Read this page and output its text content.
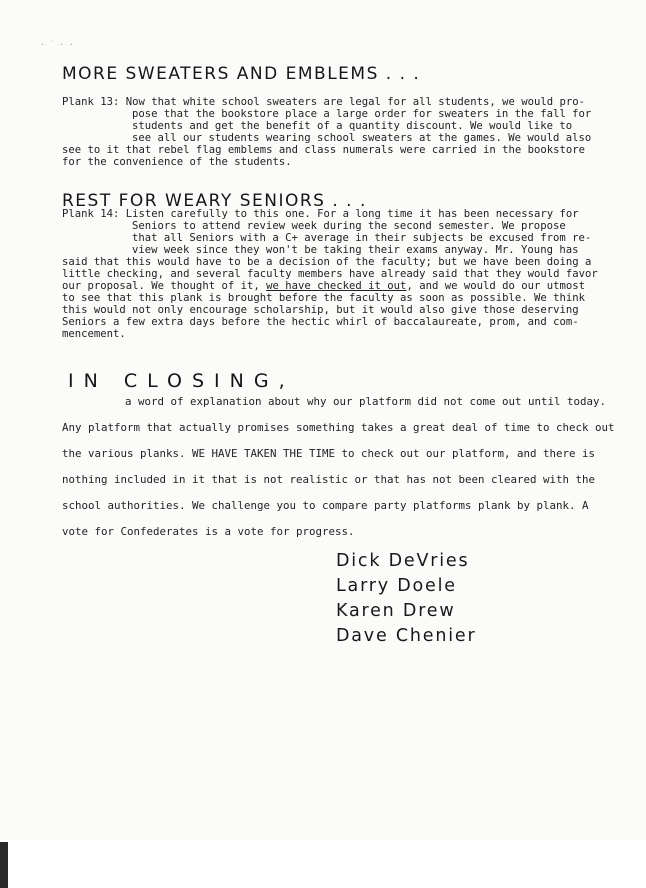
· ˙ · ·
MORE SWEATERS AND EMBLEMS . . .
Plank 13: Now that white school sweaters are legal for all students, we would pro-
pose that the bookstore place a large order for sweaters in the fall for
students and get the benefit of a quantity discount. We would like to
see all our students wearing school sweaters at the games. We would also
see to it that rebel flag emblems and class numerals were carried in the bookstore
for the convenience of the students.
REST FOR WEARY SENIORS . . .
Plank 14: Listen carefully to this one. For a long time it has been necessary for
Seniors to attend review week during the second semester. We propose
that all Seniors with a C+ average in their subjects be excused from re-
view week since they won't be taking their exams anyway. Mr. Young has
said that this would have to be a decision of the faculty; but we have been doing a
little checking, and several faculty members have already said that they would favor
our proposal. We thought of it, we have checked it out, and we would do our utmost
to see that this plank is brought before the faculty as soon as possible. We think
this would not only encourage scholarship, but it would also give those deserving
Seniors a few extra days before the hectic whirl of baccalaureate, prom, and com-
mencement.
IN CLOSING,
a word of explanation about why our platform did not come out until today.
Any platform that actually promises something takes a great deal of time to check out
the various planks. WE HAVE TAKEN THE TIME to check out our platform, and there is
nothing included in it that is not realistic or that has not been cleared with the
school authorities. We challenge you to compare party platforms plank by plank. A
vote for Confederates is a vote for progress.
Dick DeVries
Larry Doele
Karen Drew
Dave Chenier
